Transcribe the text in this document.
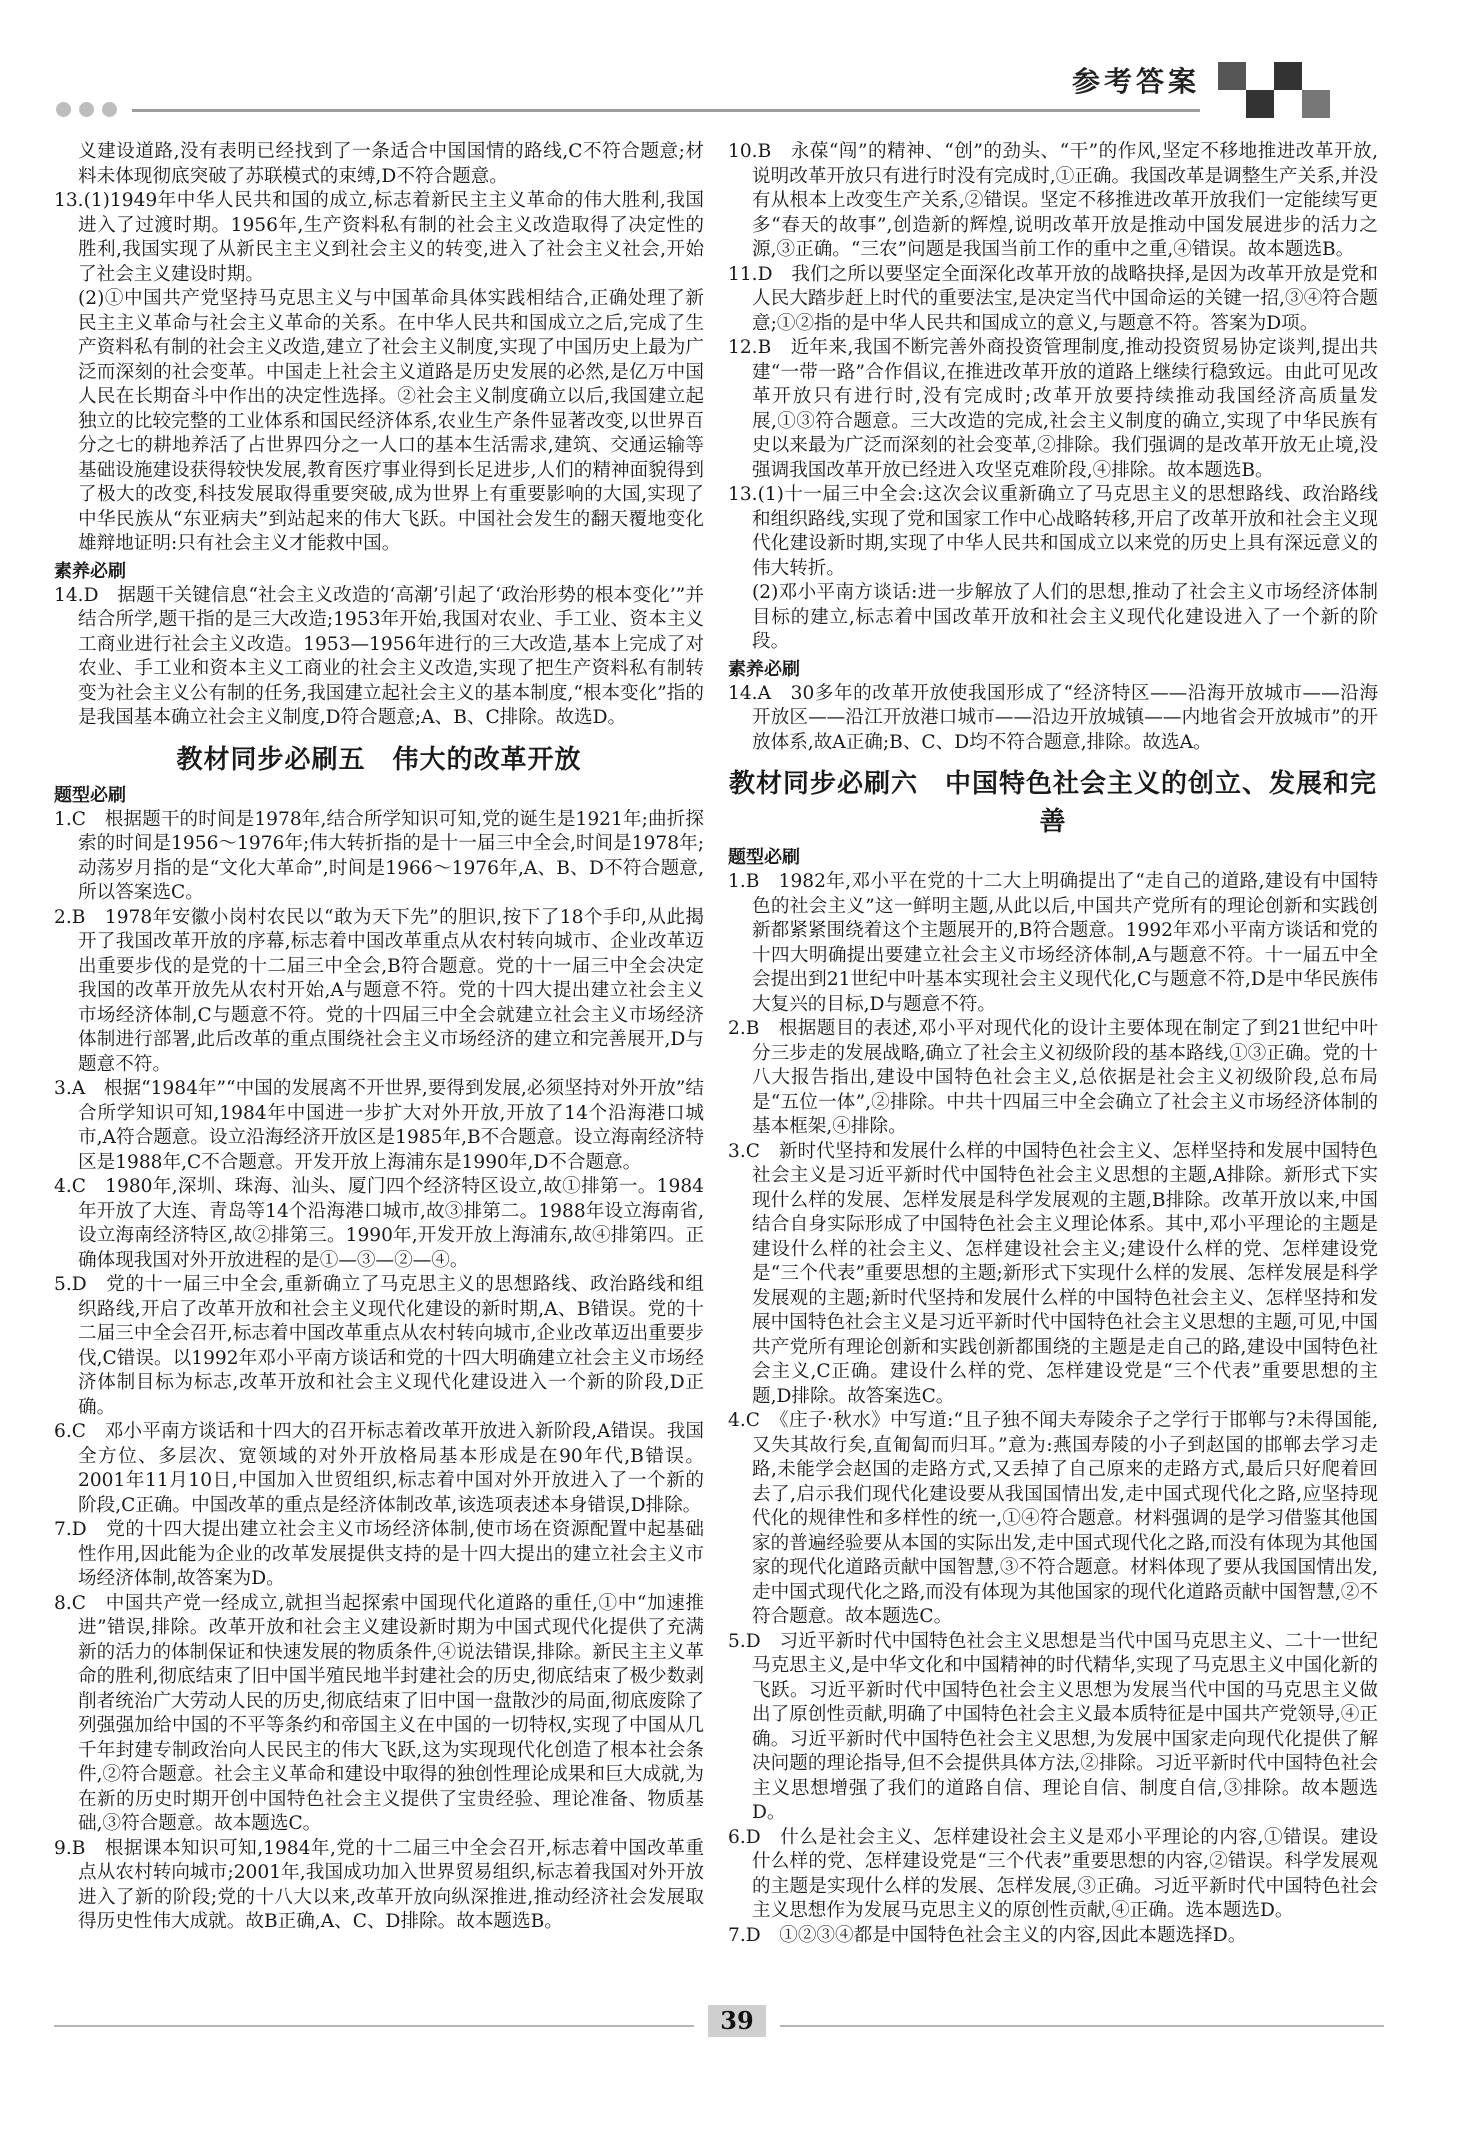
参考答案

义建设道路,没有表明已经找到了一条适合中国国情的路线,C不符合题意;材料未体现彻底突破了苏联模式的束缚,D不符合题意。

13.(1)1949年中华人民共和国的成立,标志着新民主主义革命的伟大胜利,我国进入了过渡时期。1956年,生产资料私有制的社会主义改造取得了决定性的胜利,我国实现了从新民主主义到社会主义的转变,进入了社会主义社会,开始了社会主义建设时期。

(2)①中国共产党坚持马克思主义与中国革命具体实践相结合,正确处理了新民主主义革命与社会主义革命的关系。在中华人民共和国成立之后,完成了生产资料私有制的社会主义改造,建立了社会主义制度,实现了中国历史上最为广泛而深刻的社会变革。中国走上社会主义道路是历史发展的必然,是亿万中国人民在长期奋斗中作出的决定性选择。②社会主义制度确立以后,我国建立起独立的比较完整的工业体系和国民经济体系,农业生产条件显著改变,以世界百分之七的耕地养活了占世界四分之一人口的基本生活需求,建筑、交通运输等基础设施建设获得较快发展,教育医疗事业得到长足进步,人们的精神面貌得到了极大的改变,科技发展取得重要突破,成为世界上有重要影响的大国,实现了中华民族从“东亚病夫”到站起来的伟大飞跃。中国社会发生的翻天覆地变化雄辩地证明:只有社会主义才能救中国。

素养必刷

14.D　据题干关键信息“社会主义改造的‘高潮’引起了‘政治形势的根本变化’”并结合所学,题干指的是三大改造;1953年开始,我国对农业、手工业、资本主义工商业进行社会主义改造。1953—1956年进行的三大改造,基本上完成了对农业、手工业和资本主义工商业的社会主义改造,实现了把生产资料私有制转变为社会主义公有制的任务,我国建立起社会主义的基本制度,“根本变化”指的是我国基本确立社会主义制度,D符合题意;A、B、C排除。故选D。

教材同步必刷五　伟大的改革开放

题型必刷

1.C　根据题干的时间是1978年,结合所学知识可知,党的诞生是1921年;曲折探索的时间是1956～1976年;伟大转折指的是十一届三中全会,时间是1978年;动荡岁月指的是“文化大革命”,时间是1966～1976年,A、B、D不符合题意,所以答案选C。

2.B　1978年安徽小岗村农民以“敢为天下先”的胆识,按下了18个手印,从此揭开了我国改革开放的序幕,标志着中国改革重点从农村转向城市、企业改革迈出重要步伐的是党的十二届三中全会,B符合题意。党的十一届三中全会决定我国的改革开放先从农村开始,A与题意不符。党的十四大提出建立社会主义市场经济体制,C与题意不符。党的十四届三中全会就建立社会主义市场经济体制进行部署,此后改革的重点围绕社会主义市场经济的建立和完善展开,D与题意不符。

3.A　根据“1984年”“中国的发展离不开世界,要得到发展,必须坚持对外开放”结合所学知识可知,1984年中国进一步扩大对外开放,开放了14个沿海港口城市,A符合题意。设立沿海经济开放区是1985年,B不合题意。设立海南经济特区是1988年,C不合题意。开发开放上海浦东是1990年,D不合题意。

4.C　1980年,深圳、珠海、汕头、厦门四个经济特区设立,故①排第一。1984年开放了大连、青岛等14个沿海港口城市,故③排第二。1988年设立海南省,设立海南经济特区,故②排第三。1990年,开发开放上海浦东,故④排第四。正确体现我国对外开放进程的是①—③—②—④。

5.D　党的十一届三中全会,重新确立了马克思主义的思想路线、政治路线和组织路线,开启了改革开放和社会主义现代化建设的新时期,A、B错误。党的十二届三中全会召开,标志着中国改革重点从农村转向城市,企业改革迈出重要步伐,C错误。以1992年邓小平南方谈话和党的十四大明确建立社会主义市场经济体制目标为标志,改革开放和社会主义现代化建设进入一个新的阶段,D正确。

6.C　邓小平南方谈话和十四大的召开标志着改革开放进入新阶段,A错误。我国全方位、多层次、宽领域的对外开放格局基本形成是在90年代,B错误。2001年11月10日,中国加入世贸组织,标志着中国对外开放进入了一个新的阶段,C正确。中国改革的重点是经济体制改革,该选项表述本身错误,D排除。

7.D　党的十四大提出建立社会主义市场经济体制,使市场在资源配置中起基础性作用,因此能为企业的改革发展提供支持的是十四大提出的建立社会主义市场经济体制,故答案为D。

8.C　中国共产党一经成立,就担当起探索中国现代化道路的重任,①中“加速推进”错误,排除。改革开放和社会主义建设新时期为中国式现代化提供了充满新的活力的体制保证和快速发展的物质条件,④说法错误,排除。新民主主义革命的胜利,彻底结束了旧中国半殖民地半封建社会的历史,彻底结束了极少数剥削者统治广大劳动人民的历史,彻底结束了旧中国一盘散沙的局面,彻底废除了列强强加给中国的不平等条约和帝国主义在中国的一切特权,实现了中国从几千年封建专制政治向人民民主的伟大飞跃,这为实现现代化创造了根本社会条件,②符合题意。社会主义革命和建设中取得的独创性理论成果和巨大成就,为在新的历史时期开创中国特色社会主义提供了宝贵经验、理论准备、物质基础,③符合题意。故本题选C。

9.B　根据课本知识可知,1984年,党的十二届三中全会召开,标志着中国改革重点从农村转向城市;2001年,我国成功加入世界贸易组织,标志着我国对外开放进入了新的阶段;党的十八大以来,改革开放向纵深推进,推动经济社会发展取得历史性伟大成就。故B正确,A、C、D排除。故本题选B。

10.B　永葆“闯”的精神、“创”的劲头、“干”的作风,坚定不移地推进改革开放,说明改革开放只有进行时没有完成时,①正确。我国改革是调整生产关系,并没有从根本上改变生产关系,②错误。坚定不移推进改革开放我们一定能续写更多“春天的故事”,创造新的辉煌,说明改革开放是推动中国发展进步的活力之源,③正确。“三农”问题是我国当前工作的重中之重,④错误。故本题选B。

11.D　我们之所以要坚定全面深化改革开放的战略抉择,是因为改革开放是党和人民大踏步赶上时代的重要法宝,是决定当代中国命运的关键一招,③④符合题意;①②指的是中华人民共和国成立的意义,与题意不符。答案为D项。

12.B　近年来,我国不断完善外商投资管理制度,推动投资贸易协定谈判,提出共建“一带一路”合作倡议,在推进改革开放的道路上继续行稳致远。由此可见改革开放只有进行时,没有完成时;改革开放要持续推动我国经济高质量发展,①③符合题意。三大改造的完成,社会主义制度的确立,实现了中华民族有史以来最为广泛而深刻的社会变革,②排除。我们强调的是改革开放无止境,没强调我国改革开放已经进入攻坚克难阶段,④排除。故本题选B。

13.(1)十一届三中全会:这次会议重新确立了马克思主义的思想路线、政治路线和组织路线,实现了党和国家工作中心战略转移,开启了改革开放和社会主义现代化建设新时期,实现了中华人民共和国成立以来党的历史上具有深远意义的伟大转折。

(2)邓小平南方谈话:进一步解放了人们的思想,推动了社会主义市场经济体制目标的建立,标志着中国改革开放和社会主义现代化建设进入了一个新的阶段。

素养必刷

14.A　30多年的改革开放使我国形成了“经济特区——沿海开放城市——沿海开放区——沿江开放港口城市——沿边开放城镇——内地省会开放城市”的开放体系,故A正确;B、C、D均不符合题意,排除。故选A。

教材同步必刷六　中国特色社会主义的创立、发展和完善

题型必刷

1.B　1982年,邓小平在党的十二大上明确提出了“走自己的道路,建设有中国特色的社会主义”这一鲜明主题,从此以后,中国共产党所有的理论创新和实践创新都紧紧围绕着这个主题展开的,B符合题意。1992年邓小平南方谈话和党的十四大明确提出要建立社会主义市场经济体制,A与题意不符。十一届五中全会提出到21世纪中叶基本实现社会主义现代化,C与题意不符,D是中华民族伟大复兴的目标,D与题意不符。

2.B　根据题目的表述,邓小平对现代化的设计主要体现在制定了到21世纪中叶分三步走的发展战略,确立了社会主义初级阶段的基本路线,①③正确。党的十八大报告指出,建设中国特色社会主义,总依据是社会主义初级阶段,总布局是“五位一体”,②排除。中共十四届三中全会确立了社会主义市场经济体制的基本框架,④排除。

3.C　新时代坚持和发展什么样的中国特色社会主义、怎样坚持和发展中国特色社会主义是习近平新时代中国特色社会主义思想的主题,A排除。新形式下实现什么样的发展、怎样发展是科学发展观的主题,B排除。改革开放以来,中国结合自身实际形成了中国特色社会主义理论体系。其中,邓小平理论的主题是建设什么样的社会主义、怎样建设社会主义;建设什么样的党、怎样建设党是“三个代表”重要思想的主题;新形式下实现什么样的发展、怎样发展是科学发展观的主题;新时代坚持和发展什么样的中国特色社会主义、怎样坚持和发展中国特色社会主义是习近平新时代中国特色社会主义思想的主题,可见,中国共产党所有理论创新和实践创新都围绕的主题是走自己的路,建设中国特色社会主义,C正确。建设什么样的党、怎样建设党是“三个代表”重要思想的主题,D排除。故答案选C。

4.C　《庄子·秋水》中写道:“且子独不闻夫寿陵余子之学行于邯郸与?未得国能,又失其故行矣,直匍匐而归耳。”意为:燕国寿陵的小子到赵国的邯郸去学习走路,未能学会赵国的走路方式,又丢掉了自己原来的走路方式,最后只好爬着回去了,启示我们现代化建设要从我国国情出发,走中国式现代化之路,应坚持现代化的规律性和多样性的统一,①④符合题意。材料强调的是学习借鉴其他国家的普遍经验要从本国的实际出发,走中国式现代化之路,而没有体现为其他国家的现代化道路贡献中国智慧,③不符合题意。材料体现了要从我国国情出发,走中国式现代化之路,而没有体现为其他国家的现代化道路贡献中国智慧,②不符合题意。故本题选C。

5.D　习近平新时代中国特色社会主义思想是当代中国马克思主义、二十一世纪马克思主义,是中华文化和中国精神的时代精华,实现了马克思主义中国化新的飞跃。习近平新时代中国特色社会主义思想为发展当代中国的马克思主义做出了原创性贡献,明确了中国特色社会主义最本质特征是中国共产党领导,④正确。习近平新时代中国特色社会主义思想,为发展中国家走向现代化提供了解决问题的理论指导,但不会提供具体方法,②排除。习近平新时代中国特色社会主义思想增强了我们的道路自信、理论自信、制度自信,③排除。故本题选D。

6.D　什么是社会主义、怎样建设社会主义是邓小平理论的内容,①错误。建设什么样的党、怎样建设党是“三个代表”重要思想的内容,②错误。科学发展观的主题是实现什么样的发展、怎样发展,③正确。习近平新时代中国特色社会主义思想作为发展马克思主义的原创性贡献,④正确。选本题选D。

7.D　①②③④都是中国特色社会主义的内容,因此本题选择D。

39
